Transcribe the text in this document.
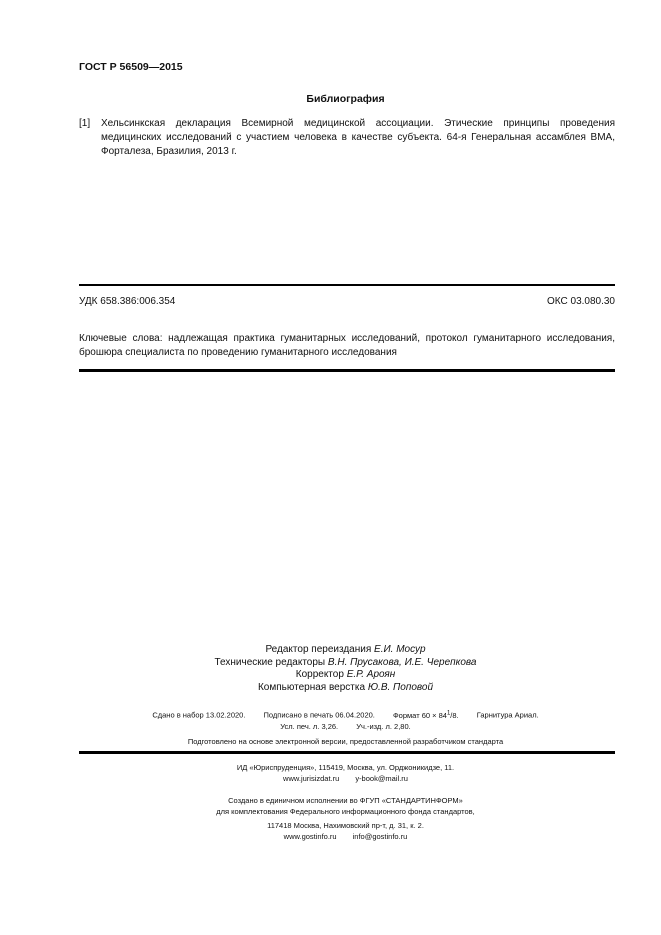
ГОСТ Р 56509—2015
Библиография
[1] Хельсинкская декларация Всемирной медицинской ассоциации. Этические принципы проведения медицинских исследований с участием человека в качестве субъекта. 64-я Генеральная ассамблея ВМА, Форталеза, Бразилия, 2013 г.
УДК 658.386:006.354	ОКС 03.080.30
Ключевые слова: надлежащая практика гуманитарных исследований, протокол гуманитарного исследования, брошюра специалиста по проведению гуманитарного исследования
Редактор переиздания Е.И. Мосур
Технические редакторы В.Н. Прусакова, И.Е. Черепкова
Корректор Е.Р. Ароян
Компьютерная верстка Ю.В. Поповой
Сдано в набор 13.02.2020. Подписано в печать 06.04.2020. Формат $60 \times 84^1/8$. Гарнитура Ариал.
Усл. печ. л. 3,26. Уч.-изд. л. 2,80.
Подготовлено на основе электронной версии, предоставленной разработчиком стандарта
ИД «Юриспруденция», 115419, Москва, ул. Орджоникидзе, 11.
www.jurisizdat.ru y-book@mail.ru
Создано в единичном исполнении во ФГУП «СТАНДАРТИНФОРМ»
для комплектования Федерального информационного фонда стандартов,
117418 Москва, Нахимовский пр-т, д. 31, к. 2.
www.gostinfo.ru info@gostinfo.ru
